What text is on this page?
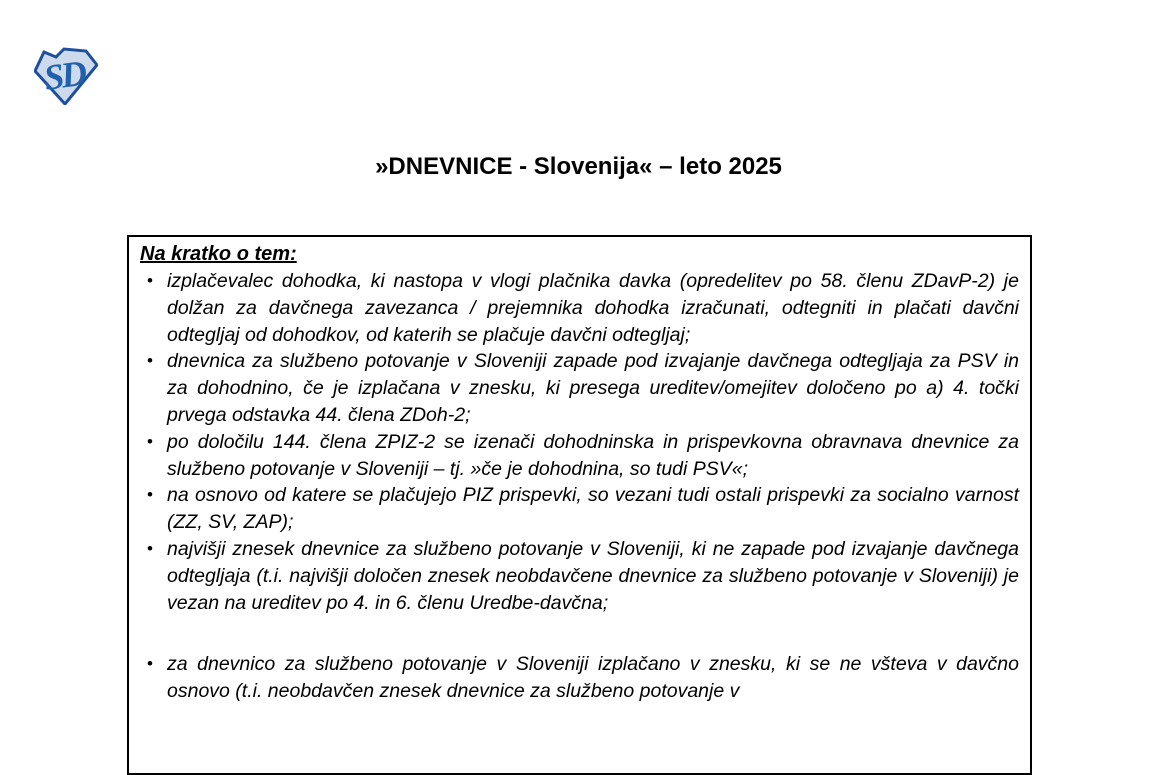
SD
»DNEVNICE - Slovenija« – leto 2025
Na kratko o tem:
• izplačevalec dohodka, ki nastopa v vlogi plačnika davka (opredelitev po 58. členu ZDavP-2) je dolžan za davčnega zavezanca / prejemnika dohodka izračunati, odtegniti in plačati davčni odtegljaj od dohodkov, od katerih se plačuje davčni odtegljaj;
• dnevnica za službeno potovanje v Sloveniji zapade pod izvajanje davčnega odtegljaja za PSV in za dohodnino, če je izplačana v znesku, ki presega ureditev/omejitev določeno po a) 4. točki prvega odstavka 44. člena ZDoh-2;
• po določilu 144. člena ZPIZ-2 se izenači dohodninska in prispevkovna obravnava dnevnice za službeno potovanje v Sloveniji – tj. »če je dohodnina, so tudi PSV«;
• na osnovo od katere se plačujejo PIZ prispevki, so vezani tudi ostali prispevki za socialno varnost (ZZ, SV, ZAP);
• najvišji znesek dnevnice za službeno potovanje v Sloveniji, ki ne zapade pod izvajanje davčnega odtegljaja (t.i. najvišji določen znesek neobdavčene dnevnice za službeno potovanje v Sloveniji) je vezan na ureditev po 4. in 6. členu Uredbe-davčna;
• za dnevnico za službeno potovanje v Sloveniji izplačano v znesku, ki se ne všteva v davčno osnovo (t.i. neobdavčen znesek dnevnice za službeno potovanje v
